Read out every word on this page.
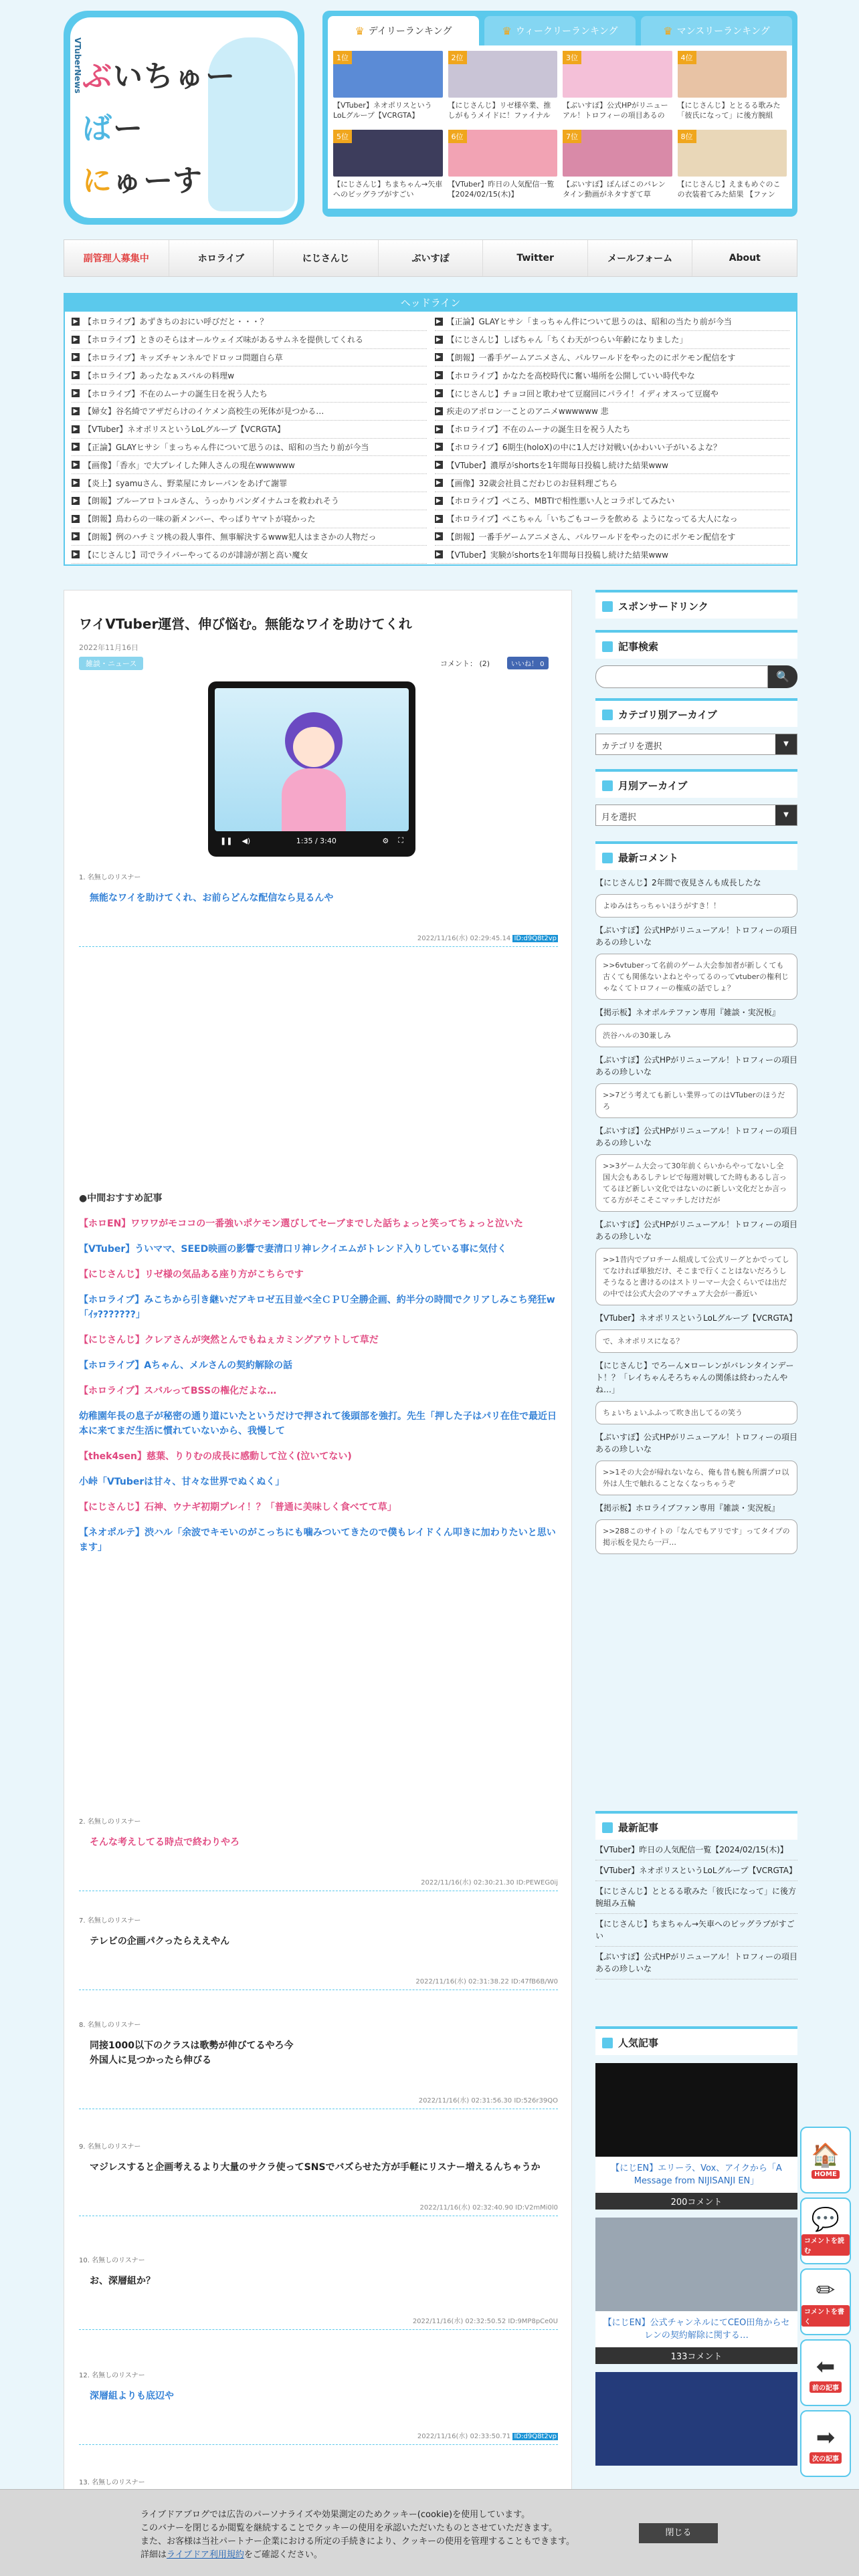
VTuberNews ぶいちゅー
ばー
にゅーす
♛ デイリーランキング	♛ ウィークリーランキング	♛ マンスリーランキング
1位
【VTuber】ネオポリスというLoLグループ【VCRGTA】
2位
【にじさんじ】リゼ様卒業、推しがもうメイドに！ファイナル
3位
【ぶいすぽ】公式HPがリニューアル！トロフィーの項目あるの
4位
【にじさんじ】ととるる歌みた「彼氏になって」に後方腕組
5位
【にじさんじ】ちまちゃん→矢車へのビッグラブがすごい
6位
【VTuber】昨日の人気配信一覧【2024/02/15(木)】
7位
【ぶいすぽ】ぽんぽこのバレンタイン動画がネタすぎて草
8位
【にじさんじ】えまもめぐのこの衣装着てみた結果 【ファン
副管理人募集中	ホロライブ	にじさんじ	ぶいすぽ	Twitter	メールフォーム	About
ヘッドライン
▶ 【ホロライブ】あずきちのおにい呼びだと・・・？
▶ 【ホロライブ】ときのそらはオールウェイズ味があるサムネを提供してくれる
▶ 【ホロライブ】キッズチャンネルでドロッコ問題自ら草
▶ 【ホロライブ】あったなぁスバルの料理w
▶ 【ホロライブ】不在のムーナの誕生日を祝う人たち
▶ 【婦女】谷名綺でアザだらけのイケメン高校生の死体が見つかる…
▶ 【VTuber】ネオポリスというLoLグループ【VCRGTA】
▶ 【正論】GLAYヒサシ「まっちゃん件について思うのは、昭和の当たり前が今当
▶ 【画像】「香水」で大プレイした陣人さんの現在wwwwww
▶ 【炎上】syamuさん、野菜屋にカレーパンをあげて謝罪
▶ 【朗報】ブルーアロトコルさん、うっかりパンダイナムコを救われそう
▶ 【朗報】鳥わらの一味の新メンバー、やっぱりヤマトが寝かった
▶ 【朗報】例のハチミツ桃の殺人事件、無事解決するwww犯人はまさかの人物だっ
▶ 【にじさんじ】司でライバーやってるのが誹謗が割と高い魔女
▶ 【正論】GLAYヒサシ「まっちゃん件について思うのは、昭和の当たり前が今当
▶ 【にじさんじ】しばちゃん「ちくわ天がつらい年齢になりました」
▶ 【朗報】一番手ゲームアニメさん、パルワールドをやったのにポケモン配信をす
▶ 【ホロライブ】かなたを高校時代に奮い場所を公開していい時代やな
▶ 【にじさんじ】チョコ回と歌わせて豆腐回にパライ！イディオスって豆腐や
▶ 疾走のアポロン一ことのアニメwwwwww 悲
▶ 【ホロライブ】不在のムーナの誕生日を祝う人たち
▶ 【ホロライブ】6期生(holoX)の中に1人だけ対戦い(かわいい子がいるよな？
▶ 【VTuber】濃厚がshortsを1年間毎日投稿し続けた結果www
▶ 【画像】32歳会社員こだわじのお昼料理ごちら
▶ 【ホロライブ】ぺころ、MBTIで相性悪い人とコラボしてみたい
▶ 【ホロライブ】ぺこちゃん「いちごもコーラを飲める ようになってる大人になっ
▶ 【朗報】一番手ゲームアニメさん、パルワールドをやったのにポケモン配信をす
▶ 【VTuber】実験がshortsを1年間毎日投稿し続けた結果www
ワイVTuber運営、伸び悩む。無能なワイを助けてくれ
2022年11月16日
雑談・ニュース	コメント： (2)	いいね！ 0
❚❚ ◀)	1:35 / 3:40	⚙ ⛶
1. 名無しのリスナー
無能なワイを助けてくれ、お前らどんな配信なら見るんや
2022/11/16(水) 02:29:45.14 ID:d9Q8t2vp
2. 名無しのリスナー
そんな考えしてる時点で終わりやろ
2022/11/16(水) 02:30:21.30 ID:PEWEG0ij
7. 名無しのリスナー
テレビの企画パクったらええやん
2022/11/16(水) 02:31:38.22 ID:47fB6B/W0
8. 名無しのリスナー
同接1000以下のクラスは歌勢が伸びてるやろ今
外国人に見つかったら伸びる
2022/11/16(水) 02:31:56.30 ID:526r39QO
9. 名無しのリスナー
マジレスすると企画考えるより大量のサクラ使ってSNSでバズらせた方が手軽にリスナー増えるんちゃうか
2022/11/16(水) 02:32:40.90 ID:V2mMi0l0
10. 名無しのリスナー
お、深層組か？
2022/11/16(水) 02:32:50.52 ID:9MP8pCe0U
12. 名無しのリスナー
深層組よりも底辺や
2022/11/16(水) 02:33:50.71 ID:d9Q8t2vp
13. 名無しのリスナー
●中間おすすめ記事
【ホロEN】ワワワがモココの一番強いポケモン選びしてセーブまでした話ちょっと笑ってちょっと泣いた
【VTuber】ういママ、SEED映画の影響で妻清口リ神レクイエムがトレンド入りしている事に気付く
【にじさんじ】リゼ様の気品ある座り方がこちらです
【ホロライブ】みこちから引き継いだアキロゼ五目並べ全ＣＰＵ全勝企画、約半分の時間でクリアしみこち発狂w「ｲｯ???????」
【にじさんじ】クレアさんが突然とんでもねぇカミングアウトして草だ
【ホロライブ】Aちゃん、メルさんの契約解除の話
【ホロライブ】スバルってBSSの権化だよな…
幼稚園年長の息子が秘密の通り道にいたというだけで押されて後頭部を強打。先生「押した子はパリ在住で最近日本に来てまだ生活に慣れていないから、我慢して
【thek4sen】慈葉、りりむの成長に感動して泣く(泣いてない)
小峠「VTuberは甘々、甘々な世界でぬくぬく」
【にじさんじ】石神、ウナギ初期プレイ！？「普通に美味しく食べてて草」
【ネオポルテ】渋ハル「余波でキモいのがこっちにも噛みついてきたので僕もレイドくん叩きに加わりたいと思います」
スポンサードリンク
記事検索
🔍
カテゴリ別アーカイブ
カテゴリを選択	▼
月別アーカイブ
月を選択	▼
最新コメント
【にじさんじ】2年間で夜見さんも成長したな
よゆみはちっちゃいほうがすき！！
【ぶいすぽ】公式HPがリニューアル！トロフィーの項目あるの珍しいな
>>6vtuberって名前のゲーム大会参加者が新しくても古くても関係ないよねとやってるのってvtuberの権利じゃなくてトロフィーの権威の話でしょ？
【掲示板】ネオポルテファン専用『雑談・実況板』
渋谷ハルの30兼しみ
【ぶいすぽ】公式HPがリニューアル！トロフィーの項目あるの珍しいな
>>7どう考えても新しい業界ってのはVTuberのほうだろ
【ぶいすぽ】公式HPがリニューアル！トロフィーの項目あるの珍しいな
>>3ゲーム大会って30年前くらいからやってないし全国大会もあるしテレビで毎週対戦してた時もあるし言ってるほど新しい文化ではないのに新しい文化だとか言ってる方がそこそこマッチしだけだが
【ぶいすぽ】公式HPがリニューアル！トロフィーの項目あるの珍しいな
>>1昔内でプロチーム組成して公式リーグとかでってしてなければ単独だけ、そこまで行くことはないだろうしそうなると書けるのはストリーマー大会くらいでは出だの中では公式大会のアマチュア大会が一番近い
【VTuber】ネオポリスというLoLグループ【VCRGTA】
で、ネオポリスになる？
【にじさんじ】でろーん×ローレンがバレンタインデート！？「レイちゃんそろちゃんの関係は終わったんやね…」
ちょいちょいふふって吹き出してるの笑う
【ぶいすぽ】公式HPがリニューアル！トロフィーの項目あるの珍しいな
>>1その大会が帰れないなら、俺も昔も腕も所謂プロ以外は人生で触れることなくなっちゃうぞ
【掲示板】ホロライブファン専用『雑談・実況板』
>>288このサイトの「なんでもアリです」ってタイプの掲示板を見たら一戸…
最新記事
【VTuber】昨日の人気配信一覧【2024/02/15(木)】
【VTuber】ネオポリスというLoLグループ【VCRGTA】
【にじさんじ】ととるる歌みた「彼氏になって」に後方腕組み五輪
【にじさんじ】ちまちゃん→矢車へのビッグラブがすごい
【ぶいすぽ】公式HPがリニューアル！トロフィーの項目あるの珍しいな
人気記事
【にじEN】エリーラ、Vox、アイクから「A Message from NIJISANJI EN」
200コメント
【にじEN】公式チャンネルにてCEO田角からセレンの契約解除に関する…
133コメント
🏠
HOME
💬
コメントを読む
✏
コメントを書く
⬅
前の記事
➡
次の記事
ライブドアブログでは広告のパーソナライズや効果測定のためクッキー(cookie)を使用しています。
このバナーを閉じるか閲覧を継続することでクッキーの使用を承認いただいたものとさせていただきます。
また、お客様は当社パートナー企業における所定の手続きにより、クッキーの使用を管理することもできます。
詳細はライブドア利用規約をご確認ください。
閉じる
